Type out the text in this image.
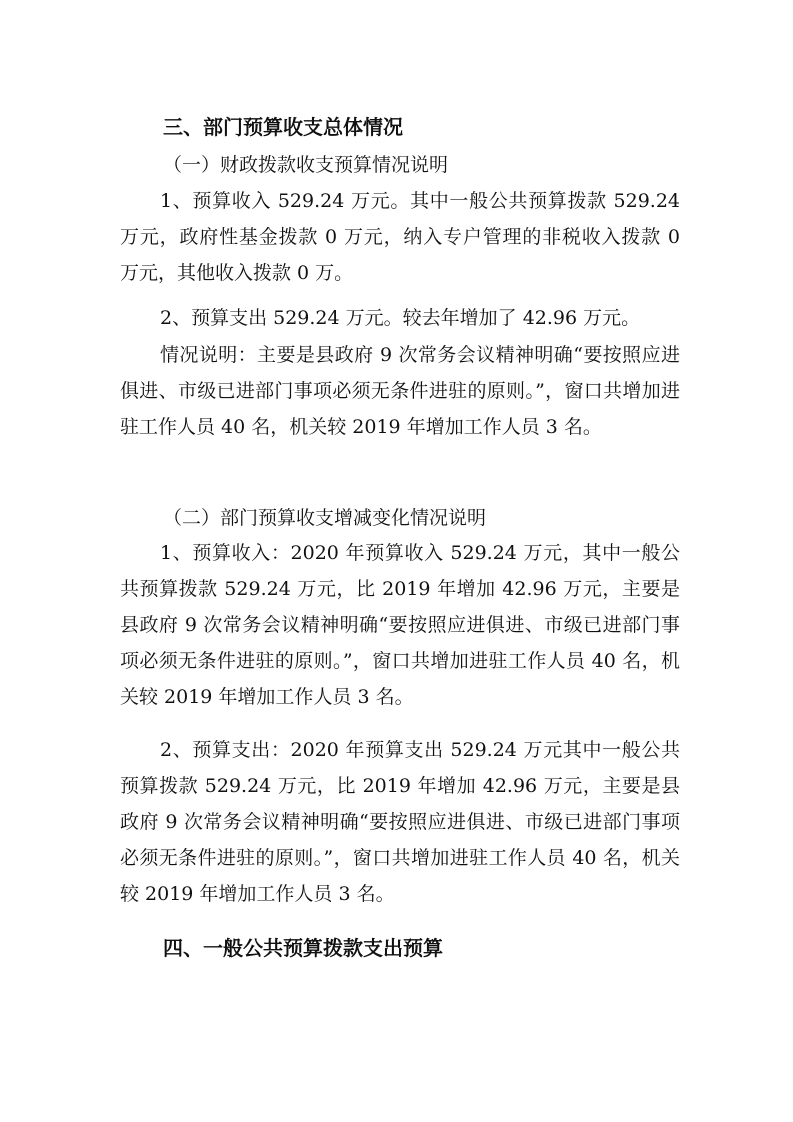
三、部门预算收支总体情况
（一）财政拨款收支预算情况说明

1、预算收入 529.24 万元。其中一般公共预算拨款 529.24 万元，政府性基金拨款 0 万元，纳入专户管理的非税收入拨款 0 万元，其他收入拨款 0 万。

2、预算支出 529.24 万元。较去年增加了 42.96 万元。

情况说明：主要是县政府 9 次常务会议精神明确“要按照应进俱进、市级已进部门事项必须无条件进驻的原则。”，窗口共增加进驻工作人员 40 名，机关较 2019 年增加工作人员 3 名。

（二）部门预算收支增减变化情况说明

1、预算收入：2020 年预算收入 529.24 万元，其中一般公共预算拨款 529.24 万元，比 2019 年增加 42.96 万元，主要是县政府 9 次常务会议精神明确“要按照应进俱进、市级已进部门事项必须无条件进驻的原则。”，窗口共增加进驻工作人员 40 名，机关较 2019 年增加工作人员 3 名。

2、预算支出：2020 年预算支出 529.24 万元其中一般公共预算拨款 529.24 万元，比 2019 年增加 42.96 万元，主要是县政府 9 次常务会议精神明确“要按照应进俱进、市级已进部门事项必须无条件进驻的原则。”，窗口共增加进驻工作人员 40 名，机关较 2019 年增加工作人员 3 名。

四、一般公共预算拨款支出预算
